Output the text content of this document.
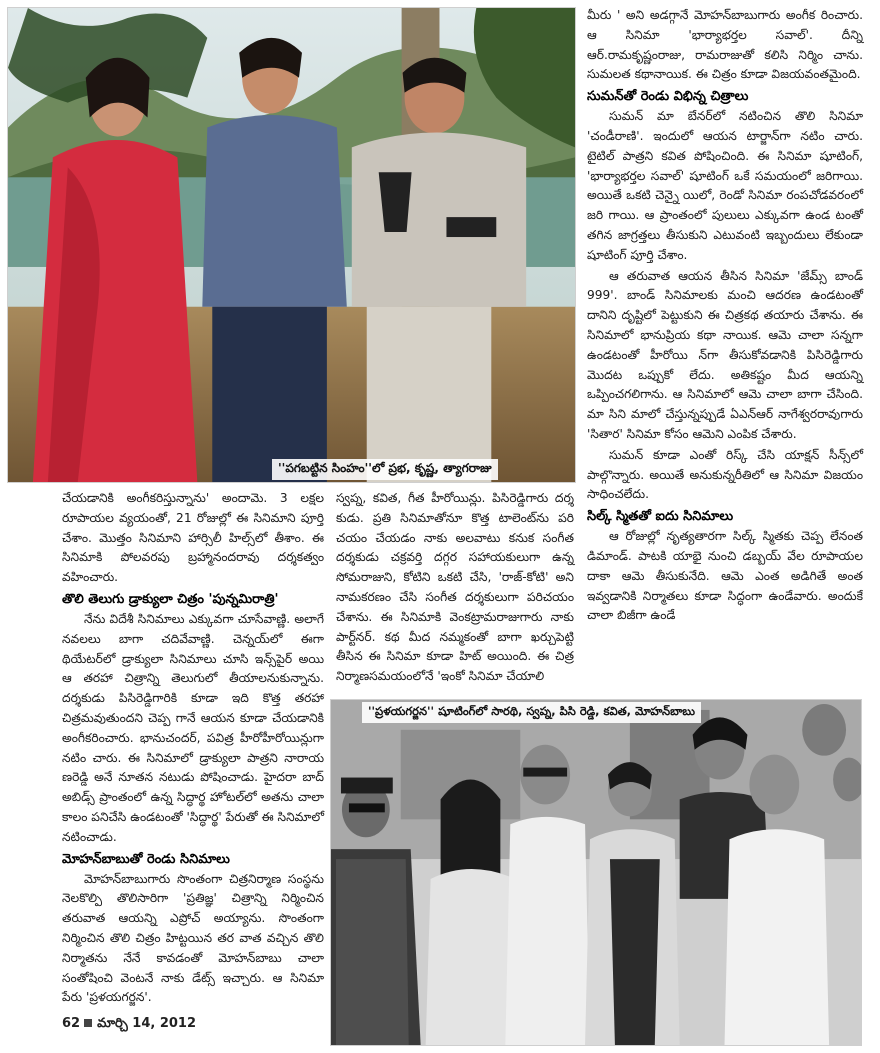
''పగబట్టిన సింహం''లో ప్రభ, కృష్ణ, త్యాగరాజు

మీరు ' అని అడగ్గానే మోహన్‌బాబుగారు అంగీక రించారు. ఆ సినిమా 'భార్యాభర్తల సవాల్‌'. దీన్ని ఆర్‌.రామకృష్ణంరాజు, రామరాజుతో కలిసి నిర్మిం చాను. సుమలత కథానాయిక. ఈ చిత్రం కూడా విజయవంతమైంది.

సుమన్‌తో రెండు విభిన్న చిత్రాలు

సుమన్‌ మా బేనర్‌లో నటించిన తొలి సినిమా 'చండీరాణి'. ఇందులో ఆయన టార్జాన్‌గా నటిం చారు. టైటిల్‌ పాత్రని కవిత పోషించింది. ఈ సినిమా షూటింగ్‌, 'భార్యాభర్తల సవాల్‌' షూటింగ్‌ ఒకే సమయంలో జరిగాయి. అయితే ఒకటి చెన్నై యిలో, రెండో సినిమా రంపచోడవరంలో జరి గాయి. ఆ ప్రాంతంలో పులులు ఎక్కువగా ఉండ టంతో తగిన జాగ్రత్తలు తీసుకుని ఎటువంటి ఇబ్బందులు లేకుండా షూటింగ్‌ పూర్తి చేశాం.

ఆ తరువాత ఆయన తీసిన సినిమా 'జేమ్స్‌ బాండ్‌ 999'. బాండ్‌ సినిమాలకు మంచి ఆదరణ ఉండటంతో దానిని దృష్టిలో పెట్టుకుని ఈ చిత్రకథ తయారు చేశాను. ఈ సినిమాలో భానుప్రియ కథా నాయిక. ఆమె చాలా సన్నగా ఉండటంతో హీరోయి న్‌గా తీసుకోవడానికి పిసిరెడ్డిగారు మొదట ఒప్పుకో లేదు. అతికష్టం మీద ఆయన్ని ఒప్పించగలిగాను. ఆ సినిమాలో ఆమె చాలా బాగా చేసింది. మా సిని మాలో చేస్తున్నప్పుడే ఏఎన్‌ఆర్ నాగేశ్వరరావుగారు 'సితార' సినిమా కోసం ఆమెని ఎంపిక చేశారు.

సుమన్‌ కూడా ఎంతో రిస్క్‌ చేసి యాక్షన్‌ సీన్స్‌లో పాల్గొన్నారు. అయితే అనుకున్నరీతిలో ఆ సినిమా విజయం సాధించలేదు.

సిల్క్‌ స్మితతో ఐదు సినిమాలు

ఆ రోజుల్లో నృత్యతారగా సిల్క్‌ స్మితకు చెప్ప లేనంత డిమాండ్‌. పాటకి యాభై నుంచి డబ్బయ్‌ వేల రూపాయల దాకా ఆమె తీసుకునేది. ఆమె ఎంత అడిగితే అంత ఇవ్వడానికి నిర్మాతలు కూడా సిద్ధంగా ఉండేవారు. అందుకే చాలా బిజీగా ఉండే

చేయడానికి అంగీకరిస్తున్నాను' అందామె. 3 లక్షల రూపాయల వ్యయంతో, 21 రోజుల్లో ఈ సినిమాని పూర్తి చేశాం. మొత్తం సినిమాని హార్సిలీ హిల్స్‌లో తీశాం. ఈ సినిమాకి పోలవరపు బ్రహ్మానందరావు దర్శకత్వం వహించారు.

తొలి తెలుగు డ్రాక్యులా చిత్రం 'పున్నమిరాత్రి'

నేను విదేశీ సినిమాలు ఎక్కువగా చూసేవాణ్ణి. అలాగే నవలలు బాగా చదివేవాణ్ణి. చెన్నయ్‌లో ఈగా థియేటర్‌లో డ్రాక్యులా సినిమాలు చూసి ఇన్స్‌పైర్‌ అయి ఆ తరహా చిత్రాన్ని తెలుగులో తీయాలనుకున్నాను. దర్శకుడు పిసిరెడ్డిగారికి కూడా ఇది కొత్త తరహా చిత్రమవుతుందని చెప్ప గానే ఆయన కూడా చేయడానికి అంగీకరించారు. భానుచందర్‌, పవిత్ర హీరోహీరోయిన్లుగా నటిం చారు. ఈ సినిమాలో డ్రాక్యులా పాత్రని నారాయ ణరెడ్డి అనే నూతన నటుడు పోషించాడు. హైదరా బాద్‌ అబిడ్స్‌ ప్రాంతంలో ఉన్న సిద్ధార్థ హోటల్‌లో అతను చాలా కాలం పనిచేసి ఉండటంతో 'సిద్ధార్థ' పేరుతో ఈ సినిమాలో నటించాడు.

మోహన్‌బాబుతో రెండు సినిమాలు

మోహన్‌బాబుగారు సొంతంగా చిత్రనిర్మాణ సంస్థను నెలకొల్పి తొలిసారిగా 'ప్రతిజ్ఞ' చిత్రాన్ని నిర్మించిన తరువాత ఆయన్ని ఎప్రోచ్‌ అయ్యాను. సొంతంగా నిర్మించిన తొలి చిత్రం హిట్టయిన తర వాత వచ్చిన తొలి నిర్మాతను నేనే కావడంతో మోహన్‌బాబు చాలా సంతోషించి వెంటనే నాకు డేట్స్‌ ఇచ్చారు. ఆ సినిమా పేరు 'ప్రళయగర్జన'.

స్వప్న, కవిత, గీత హీరోయిన్లు. పిసిరెడ్డిగారు దర్శ కుడు. ప్రతి సినిమాతోనూ కొత్త టాలెంట్‌ను పరి చయం చేయడం నాకు అలవాటు కనుక సంగీత దర్శకుడు చక్రవర్తి దగ్గర సహాయకులుగా ఉన్న సోమరాజుని, కోటిని ఒకటి చేసి, 'రాజ్‌-కోటి' అని నామకరణం చేసి సంగీత దర్శకులుగా పరిచయం చేశాను. ఈ సినిమాకి వెంకట్రామరాజుగారు నాకు పార్ట్‌నర్‌. కథ మీద నమ్మకంతో బాగా ఖర్చుపెట్టి తీసిన ఈ సినిమా కూడా హిట్‌ అయింది. ఈ చిత్ర నిర్మాణసమయంలోనే 'ఇంకో సినిమా చేయాలి

''ప్రళయగర్జన'' షూటింగ్‌లో సారథి, స్వప్న, పిసి రెడ్డి, కవిత, మోహన్‌బాబు
62 మార్చి 14, 2012
